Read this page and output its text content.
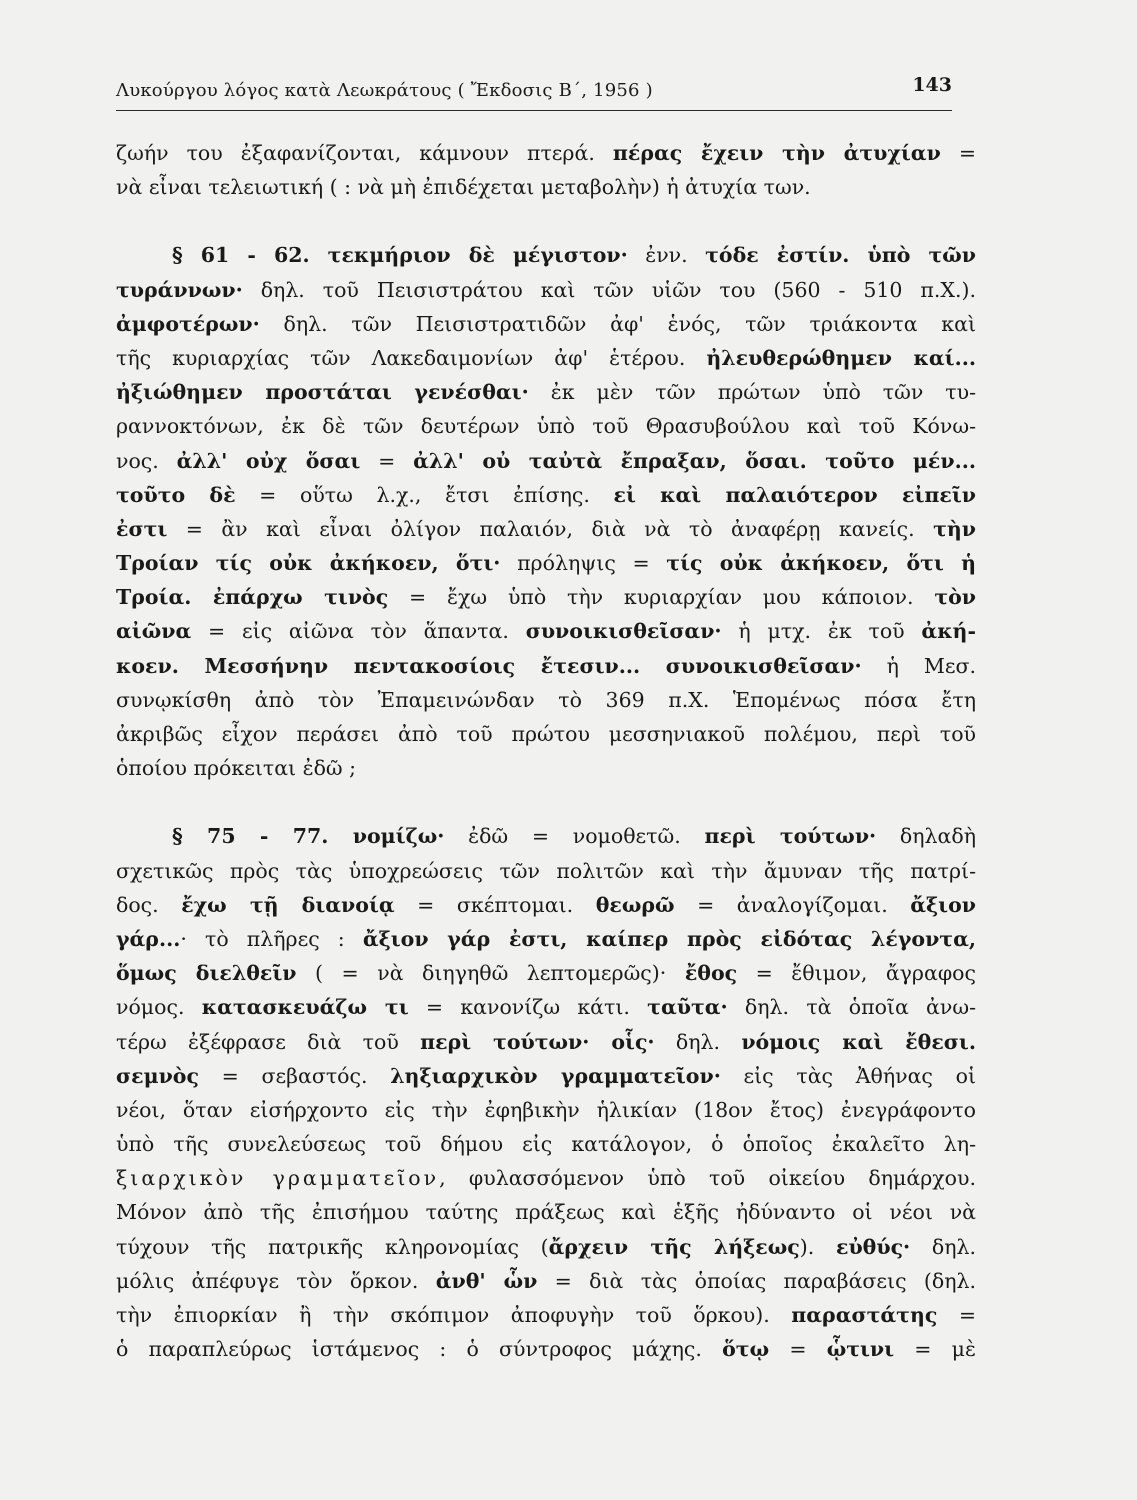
Λυκούργου λόγος κατὰ Λεωκράτους ( Ἔκδοσις Β΄, 1956 )	143
ζωήν του ἐξαφανίζονται, κάμνουν πτερά. πέρας ἔχειν τὴν ἀτυχίαν =
νὰ εἶναι τελειωτική ( : νὰ μὴ ἐπιδέχεται μεταβολὴν) ἡ ἀτυχία των.
§ 61 - 62. τεκμήριον δὲ μέγιστον· ἐνν. τόδε ἐστίν. ὑπὸ τῶν
τυράννων· δηλ. τοῦ Πεισιστράτου καὶ τῶν υἱῶν του (560 - 510 π.Χ.).
ἀμφοτέρων· δηλ. τῶν Πεισιστρατιδῶν ἀφ' ἑνός, τῶν τριάκοντα καὶ
τῆς κυριαρχίας τῶν Λακεδαιμονίων ἀφ' ἑτέρου. ἠλευθερώθημεν καί...
ἠξιώθημεν προστάται γενέσθαι· ἐκ μὲν τῶν πρώτων ὑπὸ τῶν τυ-
ραννοκτόνων, ἐκ δὲ τῶν δευτέρων ὑπὸ τοῦ Θρασυβούλου καὶ τοῦ Κόνω-
νος. ἀλλ' οὐχ ὅσαι = ἀλλ' οὐ ταὐτὰ ἔπραξαν, ὅσαι. τοῦτο μέν...
τοῦτο δὲ = οὕτω λ.χ., ἔτσι ἐπίσης. εἰ καὶ παλαιότερον εἰπεῖν
ἐστι = ἂν καὶ εἶναι ὀλίγον παλαιόν, διὰ νὰ τὸ ἀναφέρῃ κανείς. τὴν
Τροίαν τίς οὐκ ἀκήκοεν, ὅτι· πρόληψις = τίς οὐκ ἀκήκοεν, ὅτι ἡ
Τροία. ἐπάρχω τινὸς = ἔχω ὑπὸ τὴν κυριαρχίαν μου κάποιον. τὸν
αἰῶνα = εἰς αἰῶνα τὸν ἅπαντα. συνοικισθεῖσαν· ἡ μτχ. ἐκ τοῦ ἀκή-
κοεν. Μεσσήνην πεντακοσίοις ἔτεσιν... συνοικισθεῖσαν· ἡ Μεσ.
συνῳκίσθη ἀπὸ τὸν Ἐπαμεινώνδαν τὸ 369 π.Χ. Ἑπομένως πόσα ἔτη
ἀκριβῶς εἶχον περάσει ἀπὸ τοῦ πρώτου μεσσηνιακοῦ πολέμου, περὶ τοῦ
ὁποίου πρόκειται ἐδῶ ;
§ 75 - 77. νομίζω· ἐδῶ = νομοθετῶ. περὶ τούτων· δηλαδὴ
σχετικῶς πρὸς τὰς ὑποχρεώσεις τῶν πολιτῶν καὶ τὴν ἄμυναν τῆς πατρί-
δος. ἔχω τῇ διανοίᾳ = σκέπτομαι. θεωρῶ = ἀναλογίζομαι. ἄξιον
γάρ...· τὸ πλῆρες : ἄξιον γάρ ἐστι, καίπερ πρὸς εἰδότας λέγοντα,
ὅμως διελθεῖν ( = νὰ διηγηθῶ λεπτομερῶς)· ἔθος = ἔθιμον, ἄγραφος
νόμος. κατασκευάζω τι = κανονίζω κάτι. ταῦτα· δηλ. τὰ ὁποῖα ἀνω-
τέρω ἐξέφρασε διὰ τοῦ περὶ τούτων· οἷς· δηλ. νόμοις καὶ ἔθεσι.
σεμνὸς = σεβαστός. ληξιαρχικὸν γραμματεῖον· εἰς τὰς Ἀθήνας οἱ
νέοι, ὅταν εἰσήρχοντο εἰς τὴν ἐφηβικὴν ἡλικίαν (18ον ἔτος) ἐνεγράφοντο
ὑπὸ τῆς συνελεύσεως τοῦ δήμου εἰς κατάλογον, ὁ ὁποῖος ἐκαλεῖτο λη-
ξιαρχικὸν γραμματεῖον, φυλασσόμενον ὑπὸ τοῦ οἰκείου δημάρχου.
Μόνον ἀπὸ τῆς ἐπισήμου ταύτης πράξεως καὶ ἑξῆς ἠδύναντο οἱ νέοι νὰ
τύχουν τῆς πατρικῆς κληρονομίας (ἄρχειν τῆς λήξεως). εὐθύς· δηλ.
μόλις ἀπέφυγε τὸν ὅρκον. ἀνθ' ὧν = διὰ τὰς ὁποίας παραβάσεις (δηλ.
τὴν ἐπιορκίαν ἢ τὴν σκόπιμον ἀποφυγὴν τοῦ ὅρκου). παραστάτης =
ὁ παραπλεύρως ἱστάμενος : ὁ σύντροφος μάχης. ὅτῳ = ᾧτινι = μὲ
